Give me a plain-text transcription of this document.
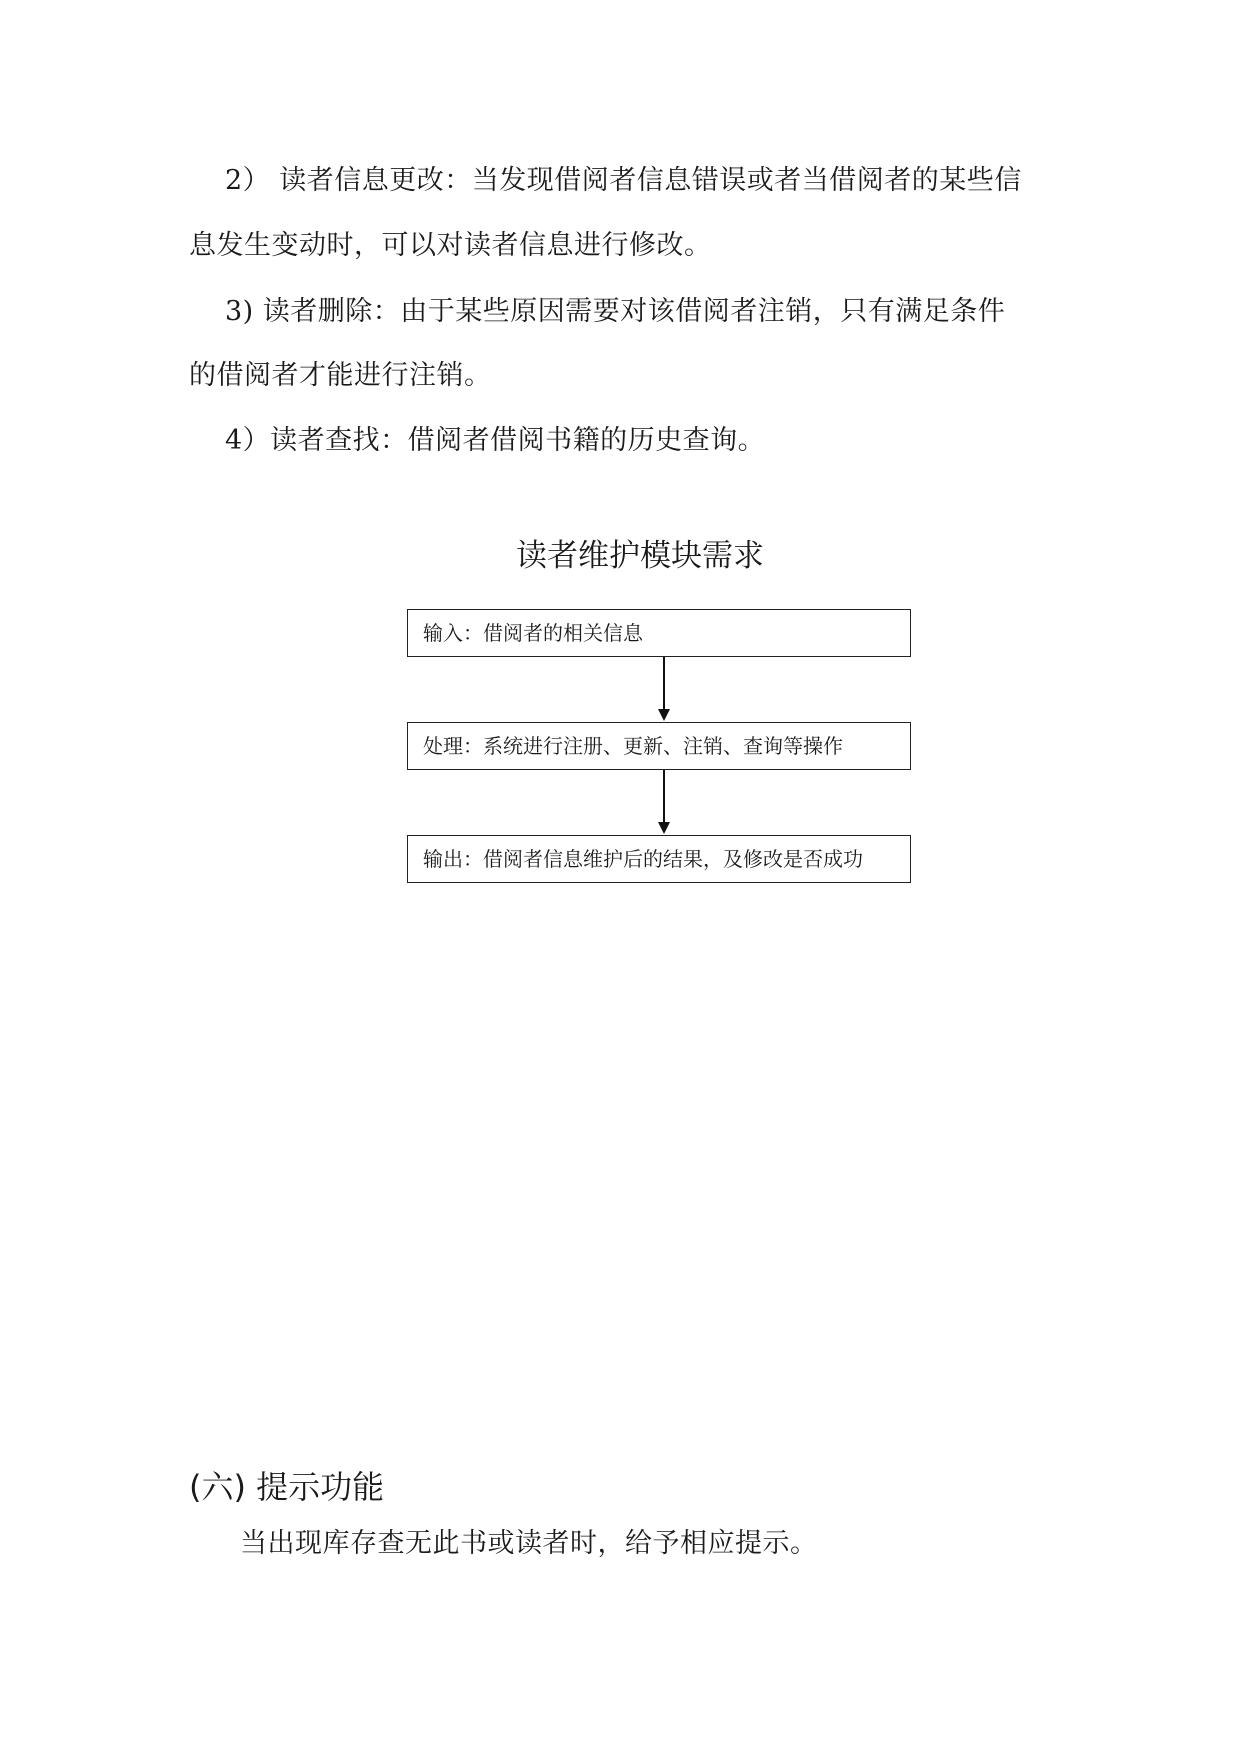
2） 读者信息更改：当发现借阅者信息错误或者当借阅者的某些信
息发生变动时，可以对读者信息进行修改。
3) 读者删除：由于某些原因需要对该借阅者注销，只有满足条件
的借阅者才能进行注销。
4）读者查找：借阅者借阅书籍的历史查询。
读者维护模块需求
输入：借阅者的相关信息
处理：系统进行注册、更新、注销、查询等操作
输出：借阅者信息维护后的结果，及修改是否成功
(六) 提示功能
当出现库存查无此书或读者时，给予相应提示。
